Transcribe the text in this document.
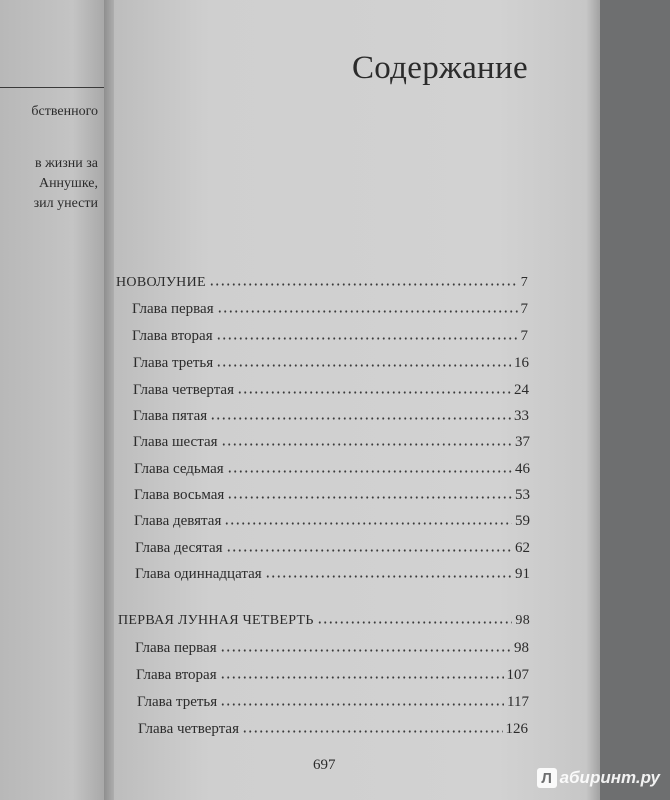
бственного
в жизни за
Аннушке,
зил унести
Содержание
НОВОЛУНИЕ	7
Глава первая	7
Глава вторая	7
Глава третья	16
Глава четвертая	24
Глава пятая	33
Глава шестая	37
Глава седьмая	46
Глава восьмая	53
Глава девятая	59
Глава десятая	62
Глава одиннадцатая	91
ПЕРВАЯ ЛУННАЯ ЧЕТВЕРТЬ	98
Глава первая	98
Глава вторая	107
Глава третья	117
Глава четвертая	126
697
Л абиринт.ру
